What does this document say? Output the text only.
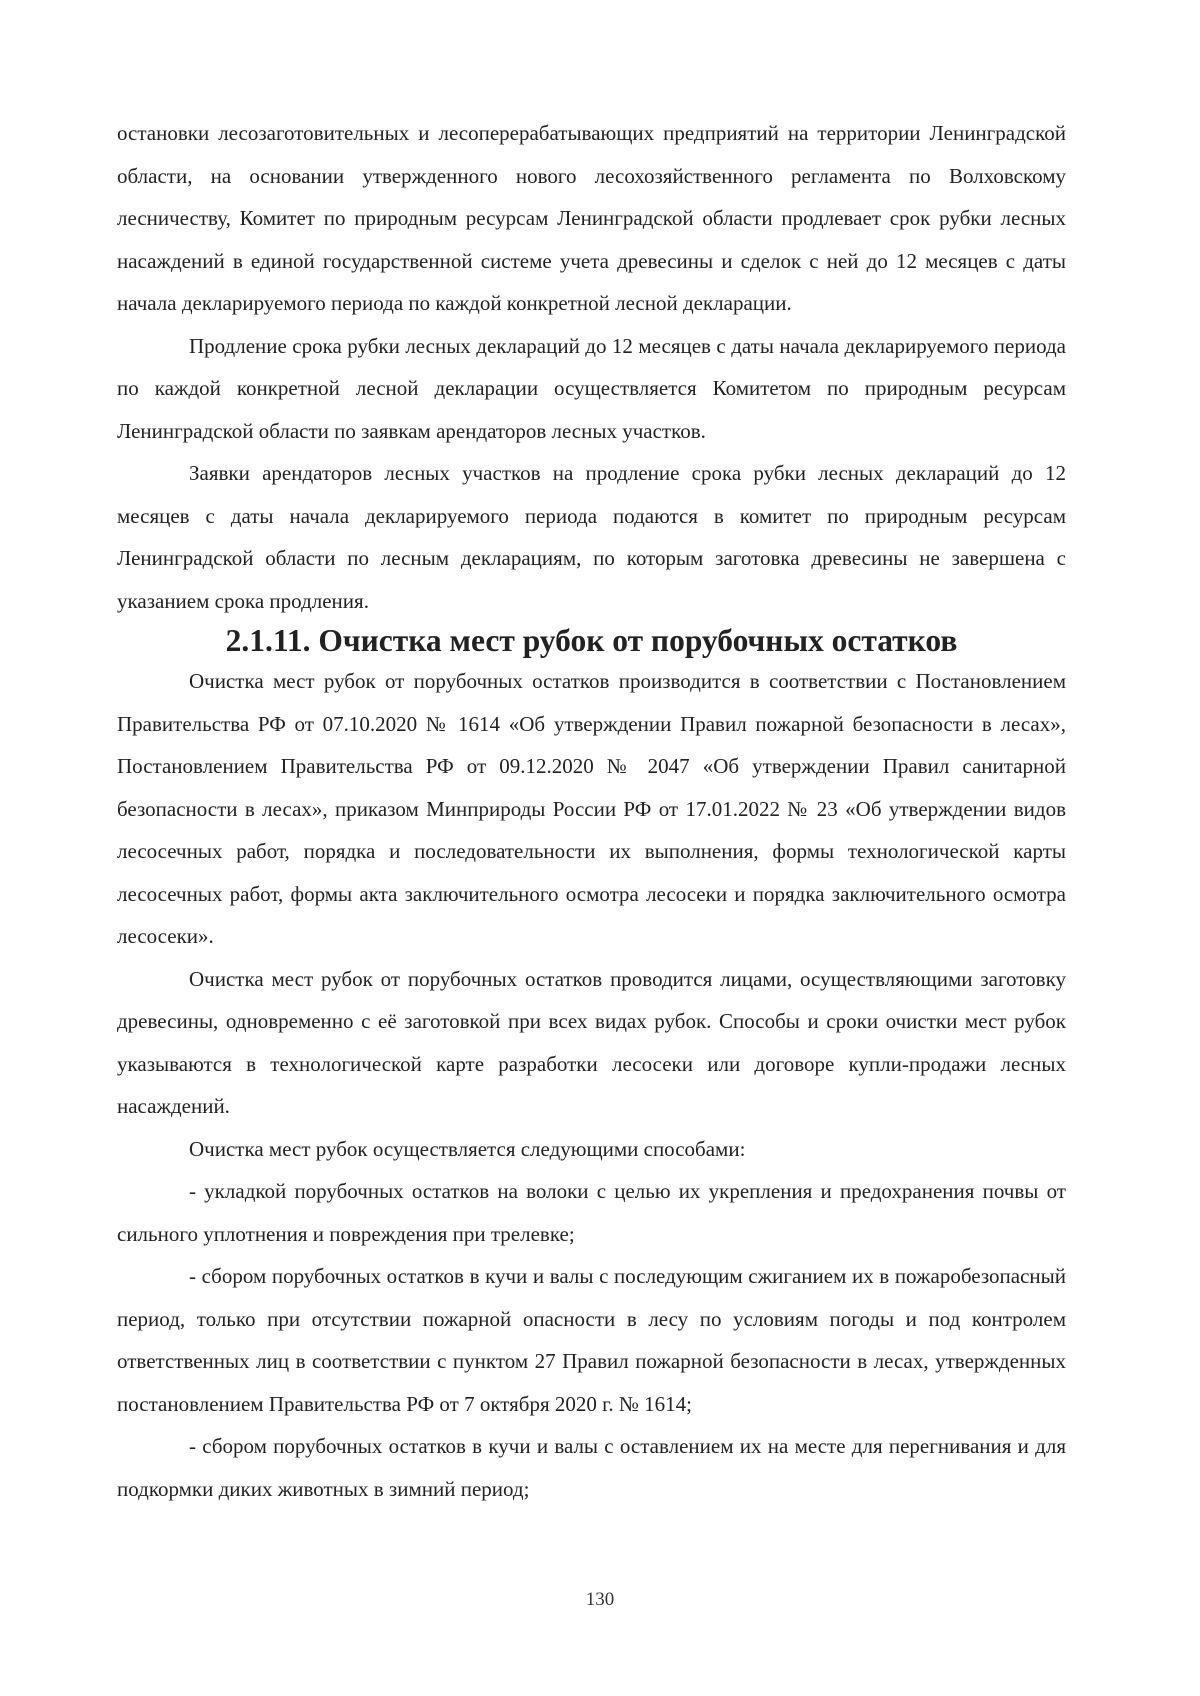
остановки лесозаготовительных и лесоперерабатывающих предприятий на территории Ленинградской области, на основании утвержденного нового лесохозяйственного регламента по Волховскому лесничеству, Комитет по природным ресурсам Ленинградской области продлевает срок рубки лесных насаждений в единой государственной системе учета древесины и сделок с ней до 12 месяцев с даты начала декларируемого периода по каждой конкретной лесной декларации.

Продление срока рубки лесных деклараций до 12 месяцев с даты начала декларируемого периода по каждой конкретной лесной декларации осуществляется Комитетом по природным ресурсам Ленинградской области по заявкам арендаторов лесных участков.

Заявки арендаторов лесных участков на продление срока рубки лесных деклараций до 12 месяцев с даты начала декларируемого периода подаются в комитет по природным ресурсам Ленинградской области по лесным декларациям, по которым заготовка древесины не завершена с указанием срока продления.

2.1.11. Очистка мест рубок от порубочных остатков

Очистка мест рубок от порубочных остатков производится в соответствии с Постановлением Правительства РФ от 07.10.2020 № 1614 «Об утверждении Правил пожарной безопасности в лесах», Постановлением Правительства РФ от 09.12.2020 № 2047 «Об утверждении Правил санитарной безопасности в лесах», приказом Минприроды России РФ от 17.01.2022 № 23 «Об утверждении видов лесосечных работ, порядка и последовательности их выполнения, формы технологической карты лесосечных работ, формы акта заключительного осмотра лесосеки и порядка заключительного осмотра лесосеки».

Очистка мест рубок от порубочных остатков проводится лицами, осуществляющими заготовку древесины, одновременно с её заготовкой при всех видах рубок. Способы и сроки очистки мест рубок указываются в технологической карте разработки лесосеки или договоре купли-продажи лесных насаждений.

Очистка мест рубок осуществляется следующими способами:

- укладкой порубочных остатков на волоки с целью их укрепления и предохранения почвы от сильного уплотнения и повреждения при трелевке;

- сбором порубочных остатков в кучи и валы с последующим сжиганием их в пожаробезопасный период, только при отсутствии пожарной опасности в лесу по условиям погоды и под контролем ответственных лиц в соответствии с пунктом 27 Правил пожарной безопасности в лесах, утвержденных постановлением Правительства РФ от 7 октября 2020 г. № 1614;

- сбором порубочных остатков в кучи и валы с оставлением их на месте для перегнивания и для подкормки диких животных в зимний период;

130
